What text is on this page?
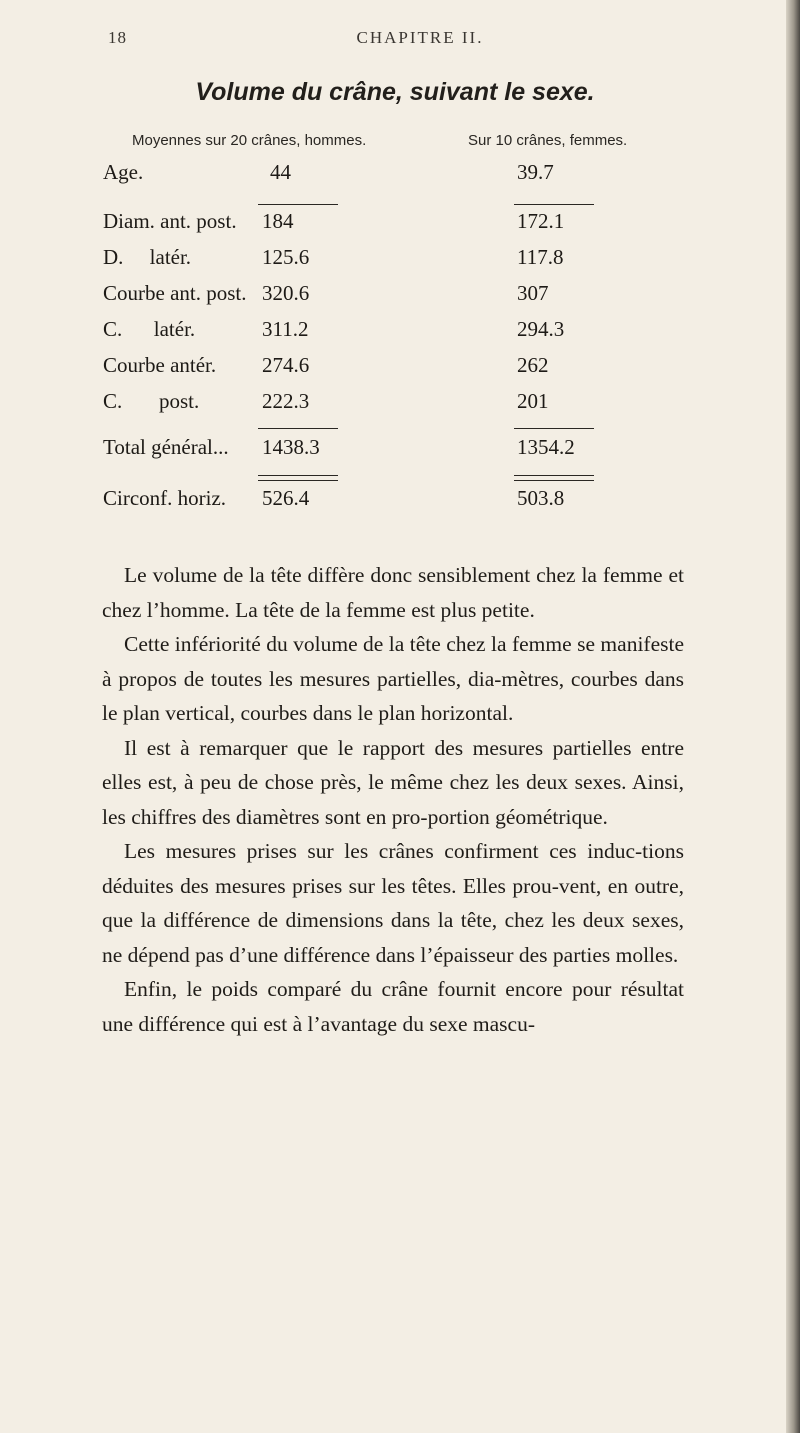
18	CHAPITRE II.
Volume du crâne, suivant le sexe.
Moyennes sur 20 crânes, hommes.	Sur 10 crânes, femmes.
Age.	44	39.7
Diam. ant. post. 184	172.1
D.     latér.	125.6	117.8
Courbe ant. post. 320.6	307
C.      latér.	311.2	294.3
Courbe antér. 274.6	262
C.       post.	222.3	201
Total général... 1438.3	1354.2
Circonf. horiz. 526.4	503.8

Le volume de la tête diffère donc sensiblement chez la femme et chez l’homme. La tête de la femme est plus petite.

Cette infériorité du volume de la tête chez la femme se manifeste à propos de toutes les mesures partielles, dia-mètres, courbes dans le plan vertical, courbes dans le plan horizontal.

Il est à remarquer que le rapport des mesures partielles entre elles est, à peu de chose près, le même chez les deux sexes. Ainsi, les chiffres des diamètres sont en pro-portion géométrique.

Les mesures prises sur les crânes confirment ces induc-tions déduites des mesures prises sur les têtes. Elles prou-vent, en outre, que la différence de dimensions dans la tête, chez les deux sexes, ne dépend pas d’une différence dans l’épaisseur des parties molles.

Enfin, le poids comparé du crâne fournit encore pour résultat une différence qui est à l’avantage du sexe mascu-
